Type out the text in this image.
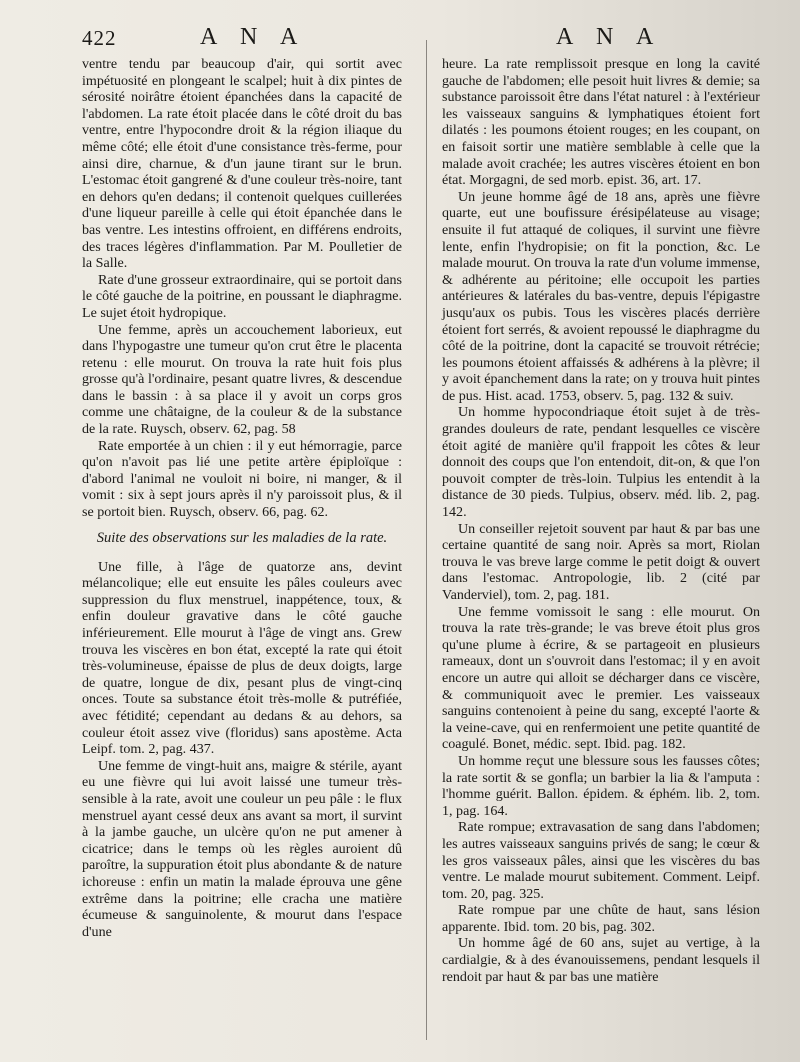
422	A N A	A N A

ventre tendu par beaucoup d'air, qui sortit avec impétuosité en plongeant le scalpel; huit à dix pintes de sérosité noirâtre étoient épanchées dans la capacité de l'abdomen. La rate étoit placée dans le côté droit du bas ventre, entre l'hypocondre droit & la région iliaque du même côté; elle étoit d'une consistance très-ferme, pour ainsi dire, charnue, & d'un jaune tirant sur le brun. L'estomac étoit gangrené & d'une couleur très-noire, tant en dehors qu'en dedans; il contenoit quelques cuillerées d'une liqueur pareille à celle qui étoit épanchée dans le bas ventre. Les intestins offroient, en différens endroits, des traces légères d'inflammation. Par M. Poulletier de la Salle.

Rate d'une grosseur extraordinaire, qui se portoit dans le côté gauche de la poitrine, en poussant le diaphragme. Le sujet étoit hydropique.

Une femme, après un accouchement laborieux, eut dans l'hypogastre une tumeur qu'on crut être le placenta retenu : elle mourut. On trouva la rate huit fois plus grosse qu'à l'ordinaire, pesant quatre livres, & descendue dans le bassin : à sa place il y avoit un corps gros comme une châtaigne, de la couleur & de la substance de la rate. Ruysch, observ. 62, pag. 58

Rate emportée à un chien : il y eut hémorragie, parce qu'on n'avoit pas lié une petite artère épiploïque : d'abord l'animal ne vouloit ni boire, ni manger, & il vomit : six à sept jours après il n'y paroissoit plus, & il se portoit bien. Ruysch, observ. 66, pag. 62.

Suite des observations sur les maladies de la rate.

Une fille, à l'âge de quatorze ans, devint mélancolique; elle eut ensuite les pâles couleurs avec suppression du flux menstruel, inappétence, toux, & enfin douleur gravative dans le côté gauche inférieurement. Elle mourut à l'âge de vingt ans. Grew trouva les viscères en bon état, excepté la rate qui étoit très-volumineuse, épaisse de plus de deux doigts, large de quatre, longue de dix, pesant plus de vingt-cinq onces. Toute sa substance étoit très-molle & putréfiée, avec fétidité; cependant au dedans & au dehors, sa couleur étoit assez vive (floridus) sans apostème. Acta Leipf. tom. 2, pag. 437.

Une femme de vingt-huit ans, maigre & stérile, ayant eu une fièvre qui lui avoit laissé une tumeur très-sensible à la rate, avoit une couleur un peu pâle : le flux menstruel ayant cessé deux ans avant sa mort, il survint à la jambe gauche, un ulcère qu'on ne put amener à cicatrice; dans le temps où les règles auroient dû paroître, la suppuration étoit plus abondante & de nature ichoreuse : enfin un matin la malade éprouva une gêne extrême dans la poitrine; elle cracha une matière écumeuse & sanguinolente, & mourut dans l'espace d'une

heure. La rate remplissoit presque en long la cavité gauche de l'abdomen; elle pesoit huit livres & demie; sa substance paroissoit être dans l'état naturel : à l'extérieur les vaisseaux sanguins & lymphatiques étoient fort dilatés : les poumons étoient rouges; en les coupant, on en faisoit sortir une matière semblable à celle que la malade avoit crachée; les autres viscères étoient en bon état. Morgagni, de sed morb. epist. 36, art. 17.

Un jeune homme âgé de 18 ans, après une fièvre quarte, eut une boufissure érésipélateuse au visage; ensuite il fut attaqué de coliques, il survint une fièvre lente, enfin l'hydropisie; on fit la ponction, &c. Le malade mourut. On trouva la rate d'un volume immense, & adhérente au péritoine; elle occupoit les parties antérieures & latérales du bas-ventre, depuis l'épigastre jusqu'aux os pubis. Tous les viscères placés derrière étoient fort serrés, & avoient repoussé le diaphragme du côté de la poitrine, dont la capacité se trouvoit rétrécie; les poumons étoient affaissés & adhérens à la plèvre; il y avoit épanchement dans la rate; on y trouva huit pintes de pus. Hist. acad. 1753, observ. 5, pag. 132 & suiv.

Un homme hypocondriaque étoit sujet à de très-grandes douleurs de rate, pendant lesquelles ce viscère étoit agité de manière qu'il frappoit les côtes & leur donnoit des coups que l'on entendoit, dit-on, & que l'on pouvoit compter de très-loin. Tulpius les entendit à la distance de 30 pieds. Tulpius, observ. méd. lib. 2, pag. 142.

Un conseiller rejetoit souvent par haut & par bas une certaine quantité de sang noir. Après sa mort, Riolan trouva le vas breve large comme le petit doigt & ouvert dans l'estomac. Antropologie, lib. 2 (cité par Vanderviel), tom. 2, pag. 181.

Une femme vomissoit le sang : elle mourut. On trouva la rate très-grande; le vas breve étoit plus gros qu'une plume à écrire, & se partageoit en plusieurs rameaux, dont un s'ouvroit dans l'estomac; il y en avoit encore un autre qui alloit se décharger dans ce viscère, & communiquoit avec le premier. Les vaisseaux sanguins contenoient à peine du sang, excepté l'aorte & la veine-cave, qui en renfermoient une petite quantité de coagulé. Bonet, médic. sept. Ibid. pag. 182.

Un homme reçut une blessure sous les fausses côtes; la rate sortit & se gonfla; un barbier la lia & l'amputa : l'homme guérit. Ballon. épidem. & éphém. lib. 2, tom. 1, pag. 164.

Rate rompue; extravasation de sang dans l'abdomen; les autres vaisseaux sanguins privés de sang; le cœur & les gros vaisseaux pâles, ainsi que les viscères du bas ventre. Le malade mourut subitement. Comment. Leipf. tom. 20, pag. 325.

Rate rompue par une chûte de haut, sans lésion apparente. Ibid. tom. 20 bis, pag. 302.

Un homme âgé de 60 ans, sujet au vertige, à la cardialgie, & à des évanouissemens, pendant lesquels il rendoit par haut & par bas une matière
